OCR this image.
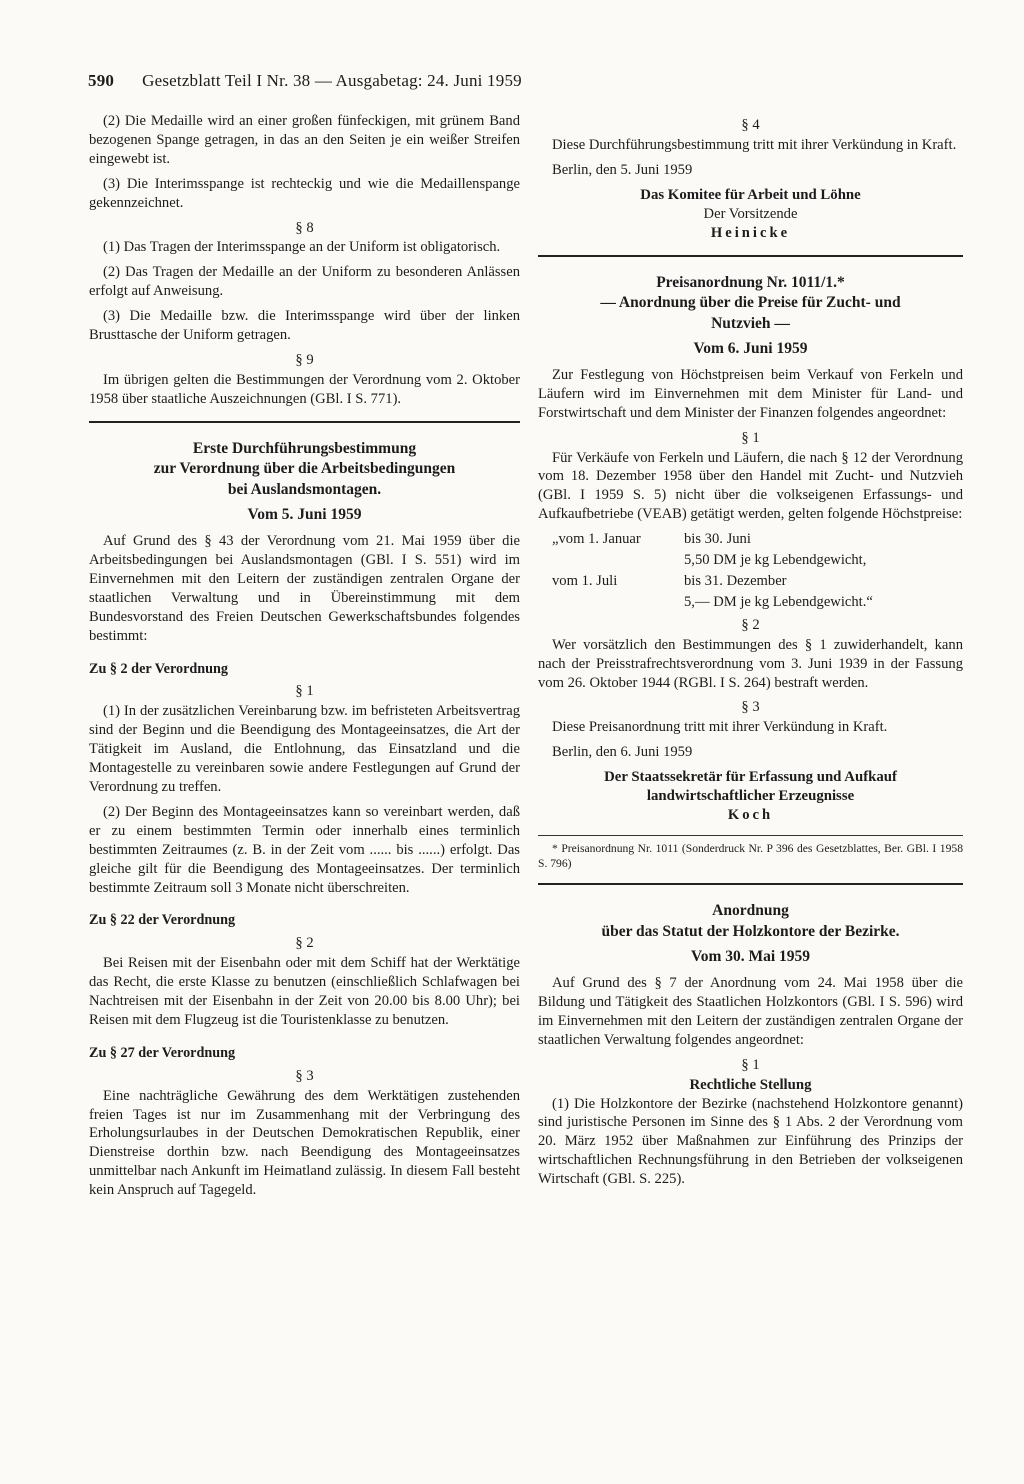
590 Gesetzblatt Teil I Nr. 38 — Ausgabetag: 24. Juni 1959

(2) Die Medaille wird an einer großen fünfeckigen, mit grünem Band bezogenen Spange getragen, in das an den Seiten je ein weißer Streifen eingewebt ist.

(3) Die Interimsspange ist rechteckig und wie die Medaillenspange gekennzeichnet.

§ 8

(1) Das Tragen der Interimsspange an der Uniform ist obligatorisch.

(2) Das Tragen der Medaille an der Uniform zu besonderen Anlässen erfolgt auf Anweisung.

(3) Die Medaille bzw. die Interimsspange wird über der linken Brusttasche der Uniform getragen.

§ 9

Im übrigen gelten die Bestimmungen der Verordnung vom 2. Oktober 1958 über staatliche Auszeichnungen (GBl. I S. 771).

Erste Durchführungsbestimmung
zur Verordnung über die Arbeitsbedingungen
bei Auslandsmontagen.
Vom 5. Juni 1959

Auf Grund des § 43 der Verordnung vom 21. Mai 1959 über die Arbeitsbedingungen bei Auslandsmontagen (GBl. I S. 551) wird im Einvernehmen mit den Leitern der zuständigen zentralen Organe der staatlichen Verwaltung und in Übereinstimmung mit dem Bundesvorstand des Freien Deutschen Gewerkschaftsbundes folgendes bestimmt:

Zu § 2 der Verordnung
§ 1

(1) In der zusätzlichen Vereinbarung bzw. im befristeten Arbeitsvertrag sind der Beginn und die Beendigung des Montageeinsatzes, die Art der Tätigkeit im Ausland, die Entlohnung, das Einsatzland und die Montagestelle zu vereinbaren sowie andere Festlegungen auf Grund der Verordnung zu treffen.

(2) Der Beginn des Montageeinsatzes kann so vereinbart werden, daß er zu einem bestimmten Termin oder innerhalb eines terminlich bestimmten Zeitraumes (z. B. in der Zeit vom ...... bis ......) erfolgt. Das gleiche gilt für die Beendigung des Montageeinsatzes. Der terminlich bestimmte Zeitraum soll 3 Monate nicht überschreiten.

Zu § 22 der Verordnung
§ 2

Bei Reisen mit der Eisenbahn oder mit dem Schiff hat der Werktätige das Recht, die erste Klasse zu benutzen (einschließlich Schlafwagen bei Nachtreisen mit der Eisenbahn in der Zeit von 20.00 bis 8.00 Uhr); bei Reisen mit dem Flugzeug ist die Touristenklasse zu benutzen.

Zu § 27 der Verordnung
§ 3

Eine nachträgliche Gewährung des dem Werktätigen zustehenden freien Tages ist nur im Zusammenhang mit der Verbringung des Erholungsurlaubes in der Deutschen Demokratischen Republik, einer Dienstreise dorthin bzw. nach Beendigung des Montageeinsatzes unmittelbar nach Ankunft im Heimatland zulässig. In diesem Fall besteht kein Anspruch auf Tagegeld.

§ 4

Diese Durchführungsbestimmung tritt mit ihrer Verkündung in Kraft.

Berlin, den 5. Juni 1959

Das Komitee für Arbeit und Löhne
Der Vorsitzende
Heinicke
Preisanordnung Nr. 1011/1.*
— Anordnung über die Preise für Zucht- und
Nutzvieh —
Vom 6. Juni 1959

Zur Festlegung von Höchstpreisen beim Verkauf von Ferkeln und Läufern wird im Einvernehmen mit dem Minister für Land- und Forstwirtschaft und dem Minister der Finanzen folgendes angeordnet:

§ 1

Für Verkäufe von Ferkeln und Läufern, die nach § 12 der Verordnung vom 18. Dezember 1958 über den Handel mit Zucht- und Nutzvieh (GBl. I 1959 S. 5) nicht über die volkseigenen Erfassungs- und Aufkaufbetriebe (VEAB) getätigt werden, gelten folgende Höchstpreise:

„vom 1. Januar	bis 30. Juni
5,50 DM je kg Lebendgewicht,
vom 1. Juli	bis 31. Dezember
5,— DM je kg Lebendgewicht.“
§ 2

Wer vorsätzlich den Bestimmungen des § 1 zuwiderhandelt, kann nach der Preisstrafrechtsverordnung vom 3. Juni 1939 in der Fassung vom 26. Oktober 1944 (RGBl. I S. 264) bestraft werden.

§ 3

Diese Preisanordnung tritt mit ihrer Verkündung in Kraft.

Berlin, den 6. Juni 1959

Der Staatssekretär für Erfassung und Aufkauf
landwirtschaftlicher Erzeugnisse
Koch

* Preisanordnung Nr. 1011 (Sonderdruck Nr. P 396 des Gesetzblattes, Ber. GBl. I 1958 S. 796)

Anordnung
über das Statut der Holzkontore der Bezirke.
Vom 30. Mai 1959

Auf Grund des § 7 der Anordnung vom 24. Mai 1958 über die Bildung und Tätigkeit des Staatlichen Holzkontors (GBl. I S. 596) wird im Einvernehmen mit den Leitern der zuständigen zentralen Organe der staatlichen Verwaltung folgendes angeordnet:

§ 1
Rechtliche Stellung

(1) Die Holzkontore der Bezirke (nachstehend Holzkontore genannt) sind juristische Personen im Sinne des § 1 Abs. 2 der Verordnung vom 20. März 1952 über Maßnahmen zur Einführung des Prinzips der wirtschaftlichen Rechnungsführung in den Betrieben der volkseigenen Wirtschaft (GBl. S. 225).
